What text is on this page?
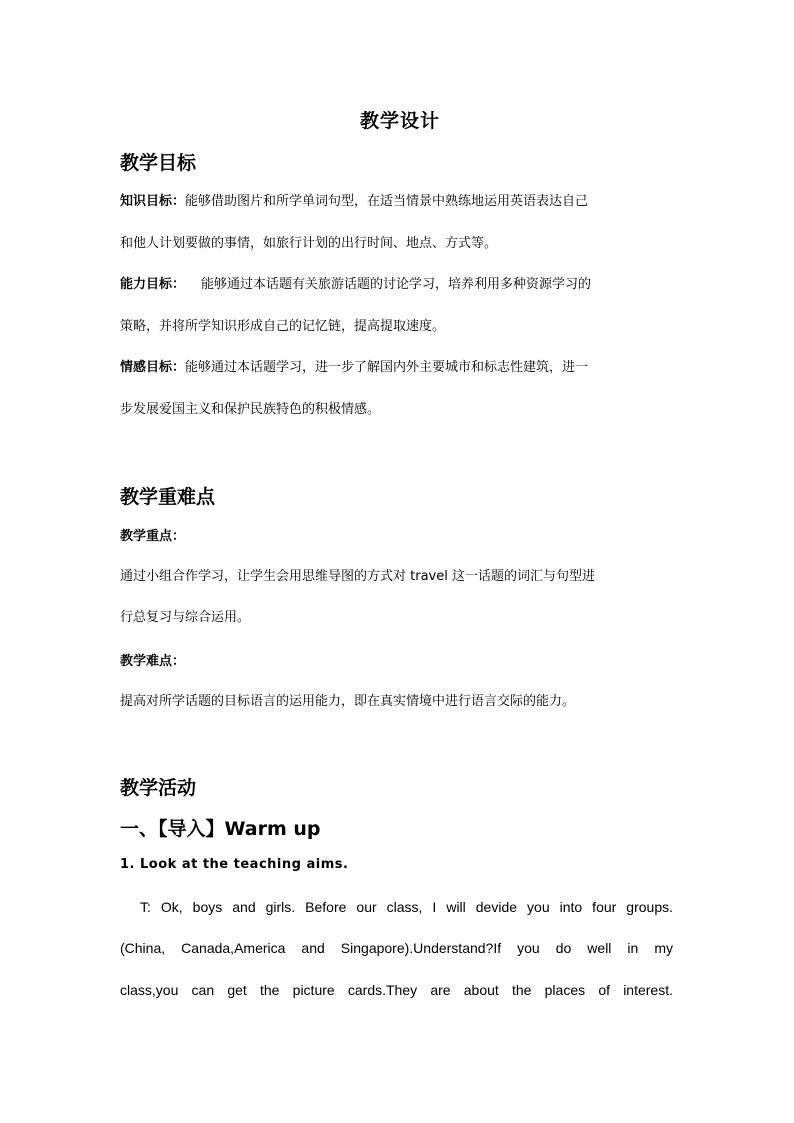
教学设计
教学目标
知识目标：能够借助图片和所学单词句型，在适当情景中熟练地运用英语表达自己
和他人计划要做的事情，如旅行计划的出行时间、地点、方式等。
能力目标： 能够通过本话题有关旅游话题的讨论学习，培养利用多种资源学习的
策略，并将所学知识形成自己的记忆链，提高提取速度。
情感目标：能够通过本话题学习，进一步了解国内外主要城市和标志性建筑，进一
步发展爱国主义和保护民族特色的积极情感。
教学重难点
教学重点：
通过小组合作学习，让学生会用思维导图的方式对 travel 这一话题的词汇与句型进
行总复习与综合运用。
教学难点：
提高对所学话题的目标语言的运用能力，即在真实情境中进行语言交际的能力。
教学活动
一、【导入】Warm up
1. Look at the teaching aims.
T: Ok, boys and girls. Before our class, I will devide you into four groups.
(China, Canada,America and Singapore).Understand?If you do well in my
class,you can get the picture cards.They are about the places of interest.
